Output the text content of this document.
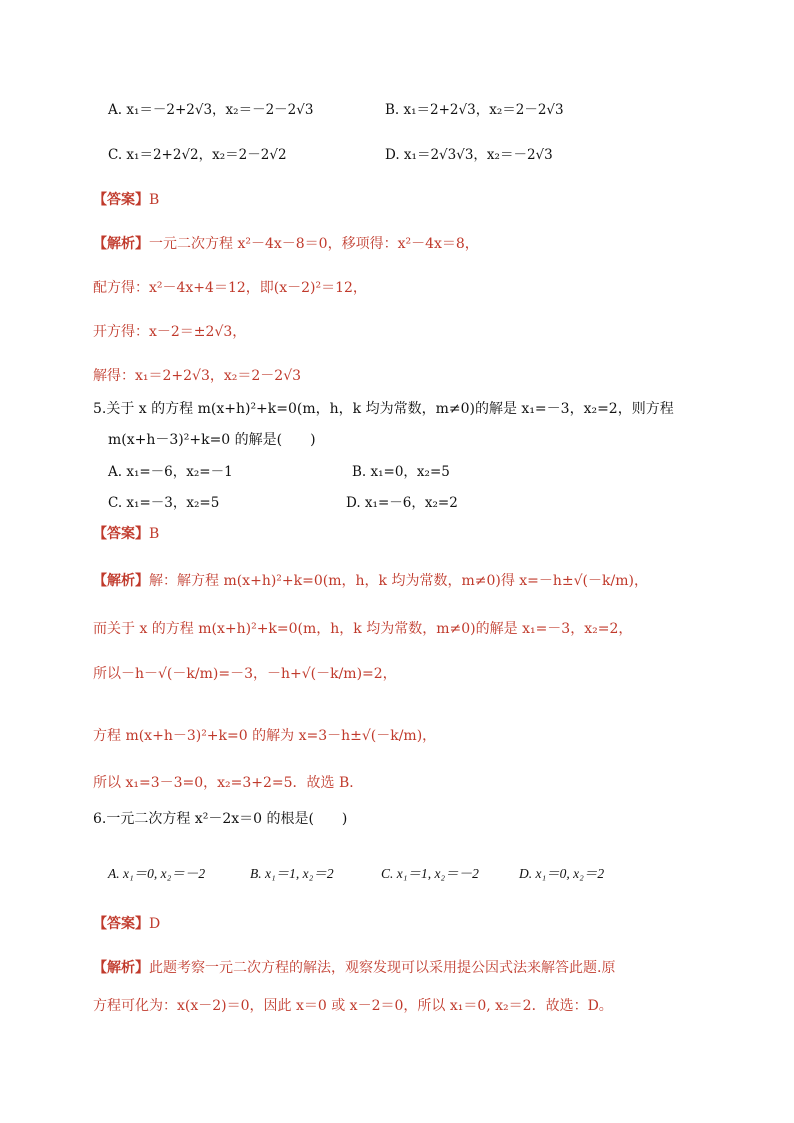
A. x₁＝－2+2√3，x₂＝－2－2√3	B. x₁＝2+2√3，x₂＝2－2√3
C. x₁＝2+2√2，x₂＝2－2√2	D. x₁＝2√3√3，x₂＝－2√3
【答案】B
【解析】一元二次方程 x²－4x－8＝0，移项得：x²－4x＝8，
配方得：x²－4x+4＝12，即(x－2)²＝12，
开方得：x－2＝±2√3，
解得：x₁＝2+2√3，x₂＝2－2√3
5.关于 x 的方程 m(x+h)²+k=0(m，h，k 均为常数，m≠0)的解是 x₁=－3，x₂=2，则方程
m(x+h－3)²+k=0 的解是(　　)
A. x₁=－6，x₂=－1	B. x₁=0，x₂=5
C. x₁=－3，x₂=5	D. x₁=－6，x₂=2
【答案】B
【解析】解：解方程 m(x+h)²+k=0(m，h，k 均为常数，m≠0)得 x=－h±√(－k/m)，
而关于 x 的方程 m(x+h)²+k=0(m，h，k 均为常数，m≠0)的解是 x₁=－3，x₂=2，
所以－h－√(－k/m)=－3，－h+√(－k/m)=2，
方程 m(x+h－3)²+k=0 的解为 x=3－h±√(－k/m)，
所以 x₁=3－3=0，x₂=3+2=5．故选 B．
6.一元二次方程 x²－2x＝0 的根是(　　)
A. x₁＝0, x₂＝－2	B. x₁＝1, x₂＝2	C. x₁＝1, x₂＝－2	D. x₁＝0, x₂＝2
【答案】D
【解析】此题考察一元二次方程的解法，观察发现可以采用提公因式法来解答此题.原
方程可化为：x(x－2)＝0，因此 x＝0 或 x－2＝0，所以 x₁＝0, x₂＝2．故选：D。
